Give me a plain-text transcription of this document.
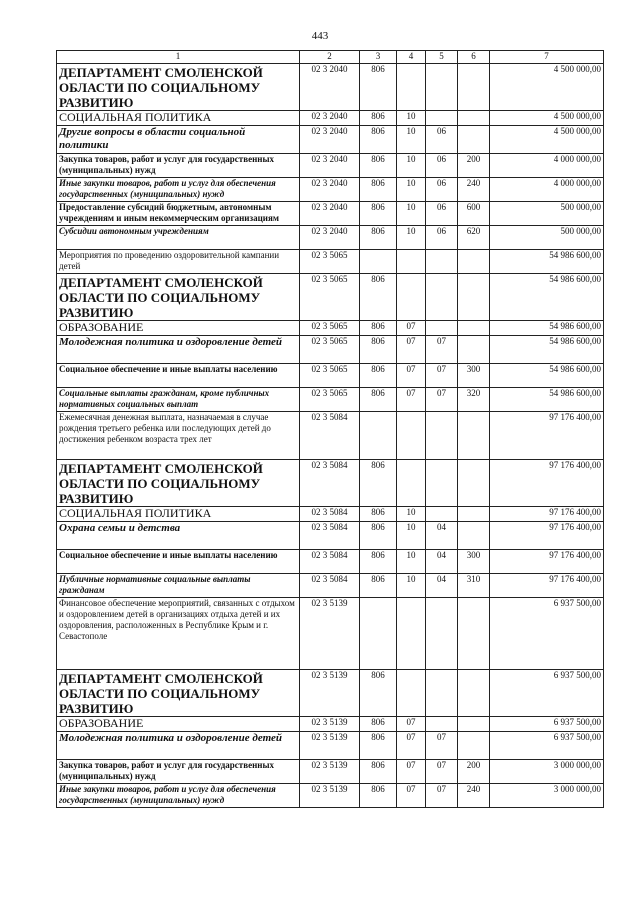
443
1	2	3	4	5	6	7
ДЕПАРТАМЕНТ СМОЛЕНСКОЙ ОБЛАСТИ ПО СОЦИАЛЬНОМУ РАЗВИТИЮ	02 3 2040	806				4 500 000,00
СОЦИАЛЬНАЯ ПОЛИТИКА	02 3 2040	806	10			4 500 000,00
Другие вопросы в области социальной политики	02 3 2040	806	10	06		4 500 000,00
Закупка товаров, работ и услуг для государственных (муниципальных) нужд	02 3 2040	806	10	06	200	4 000 000,00
Иные закупки товаров, работ и услуг для обеспечения государственных (муниципальных) нужд	02 3 2040	806	10	06	240	4 000 000,00
Предоставление субсидий бюджетным, автономным учреждениям и иным некоммерческим организациям	02 3 2040	806	10	06	600	500 000,00
Субсидии автономным учреждениям	02 3 2040	806	10	06	620	500 000,00
Мероприятия по проведению оздоровительной кампании детей	02 3 5065					54 986 600,00
ДЕПАРТАМЕНТ СМОЛЕНСКОЙ ОБЛАСТИ ПО СОЦИАЛЬНОМУ РАЗВИТИЮ	02 3 5065	806				54 986 600,00
ОБРАЗОВАНИЕ	02 3 5065	806	07			54 986 600,00
Молодежная политика и оздоровление детей	02 3 5065	806	07	07		54 986 600,00
Социальное обеспечение и иные выплаты населению	02 3 5065	806	07	07	300	54 986 600,00
Социальные выплаты гражданам, кроме публичных нормативных социальных выплат	02 3 5065	806	07	07	320	54 986 600,00
Ежемесячная денежная выплата, назначаемая в случае рождения третьего ребенка или последующих детей до достижения ребенком возраста трех лет	02 3 5084					97 176 400,00
ДЕПАРТАМЕНТ СМОЛЕНСКОЙ ОБЛАСТИ ПО СОЦИАЛЬНОМУ РАЗВИТИЮ	02 3 5084	806				97 176 400,00
СОЦИАЛЬНАЯ ПОЛИТИКА	02 3 5084	806	10			97 176 400,00
Охрана семьи и детства	02 3 5084	806	10	04		97 176 400,00
Социальное обеспечение и иные выплаты населению	02 3 5084	806	10	04	300	97 176 400,00
Публичные нормативные социальные выплаты гражданам	02 3 5084	806	10	04	310	97 176 400,00
Финансовое обеспечение мероприятий, связанных с отдыхом и оздоровлением детей в организациях отдыха детей и их оздоровления, расположенных в Республике Крым и г. Севастополе	02 3 5139					6 937 500,00
ДЕПАРТАМЕНТ СМОЛЕНСКОЙ ОБЛАСТИ ПО СОЦИАЛЬНОМУ РАЗВИТИЮ	02 3 5139	806				6 937 500,00
ОБРАЗОВАНИЕ	02 3 5139	806	07			6 937 500,00
Молодежная политика и оздоровление детей	02 3 5139	806	07	07		6 937 500,00
Закупка товаров, работ и услуг для государственных (муниципальных) нужд	02 3 5139	806	07	07	200	3 000 000,00
Иные закупки товаров, работ и услуг для обеспечения государственных (муниципальных) нужд	02 3 5139	806	07	07	240	3 000 000,00
